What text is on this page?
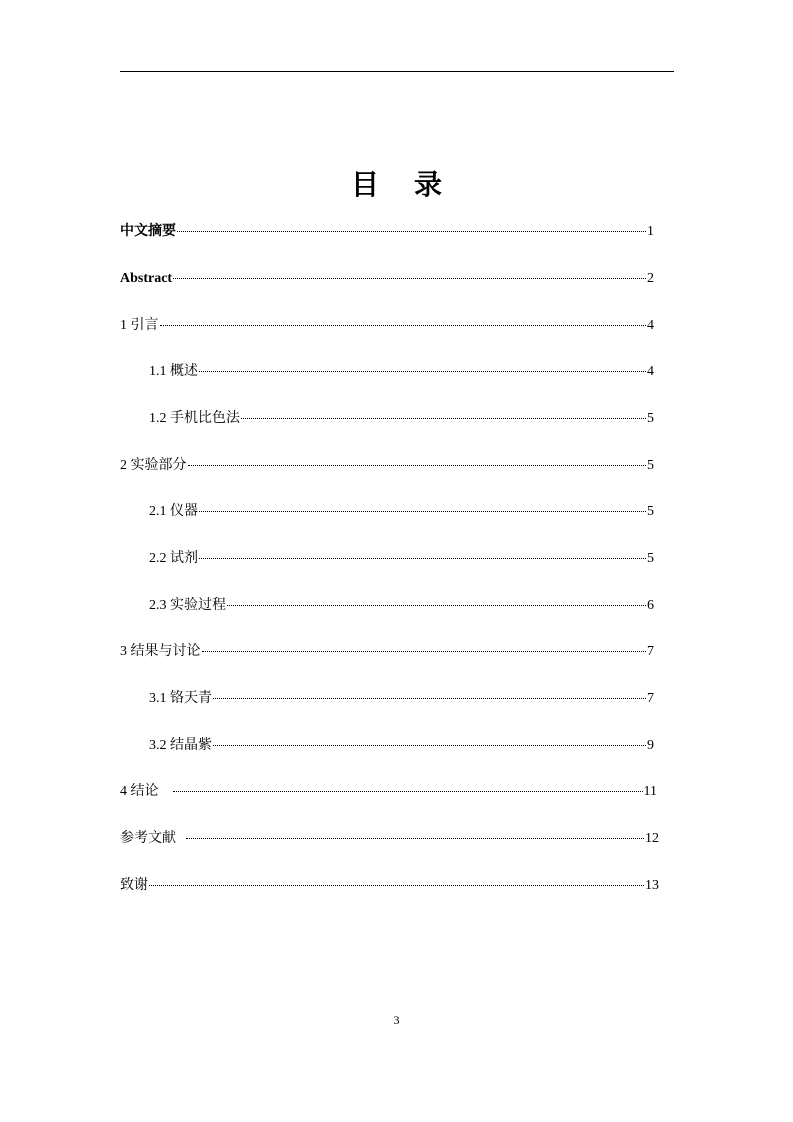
目 录
中文摘要	1
Abstract	2
1 引言	4
1.1 概述	4
1.2 手机比色法	5
2 实验部分	5
2.1 仪器	5
2.2 试剂	5
2.3 实验过程	6
3 结果与讨论	7
3.1 铬天青	7
3.2 结晶紫	9
4 结论	11
参考文献	12
致谢	13
3
